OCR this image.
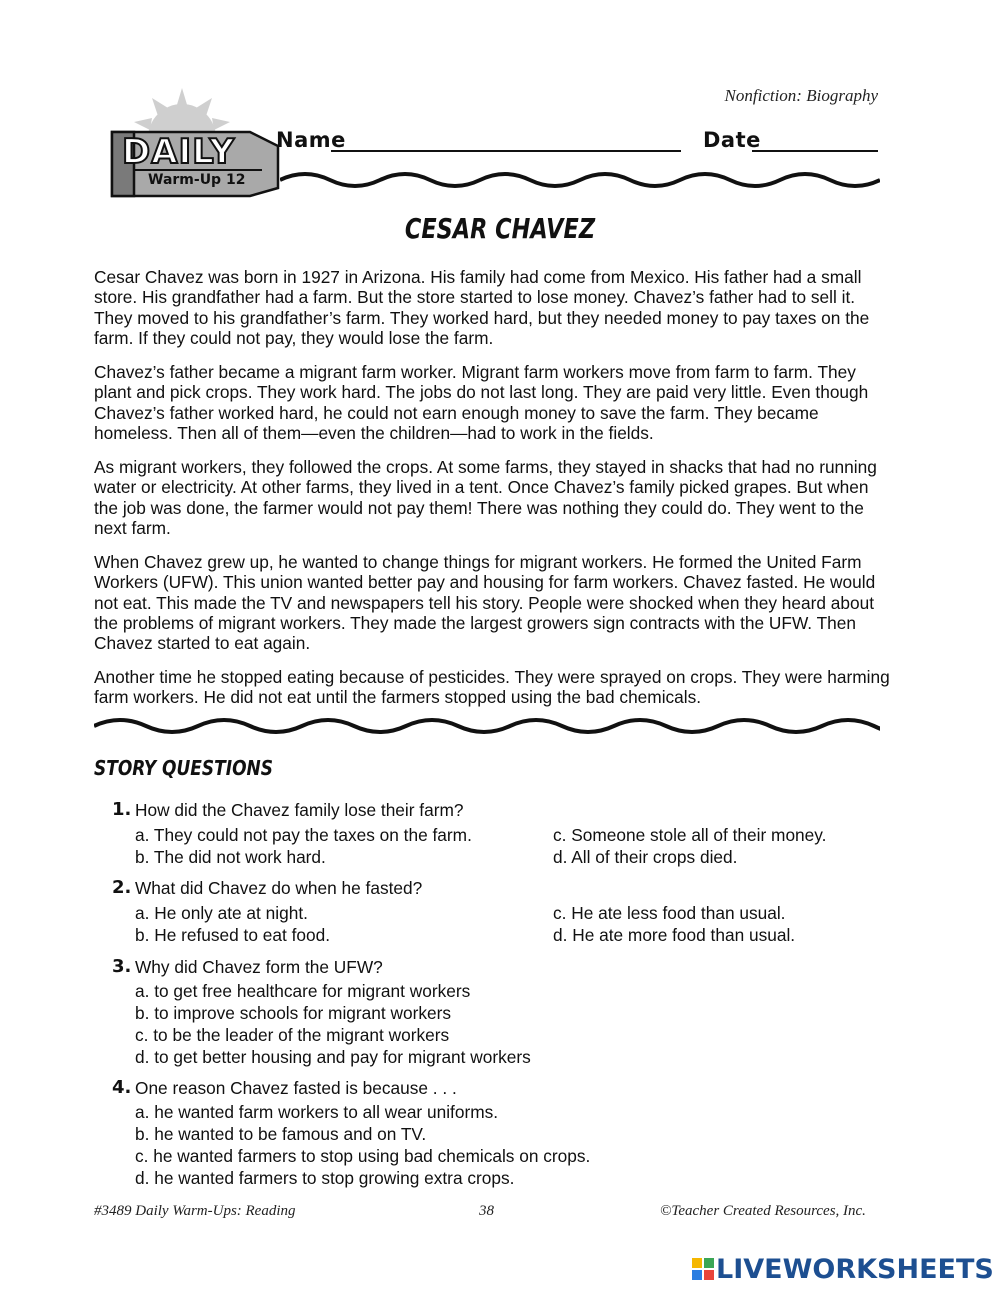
Nonfiction: Biography
DAILY
Warm-Up 12
Name	Date
CESAR CHAVEZ

Cesar Chavez was born in 1927 in Arizona. His family had come from Mexico. His father had a small store. His grandfather had a farm. But the store started to lose money. Chavez’s father had to sell it. They moved to his grandfather’s farm. They worked hard, but they needed money to pay taxes on the farm. If they could not pay, they would lose the farm.

Chavez’s father became a migrant farm worker. Migrant farm workers move from farm to farm. They plant and pick crops. They work hard. The jobs do not last long. They are paid very little. Even though Chavez’s father worked hard, he could not earn enough money to save the farm. They became homeless. Then all of them—even the children—had to work in the fields.

As migrant workers, they followed the crops. At some farms, they stayed in shacks that had no running water or electricity. At other farms, they lived in a tent. Once Chavez’s family picked grapes. But when the job was done, the farmer would not pay them! There was nothing they could do. They went to the next farm.

When Chavez grew up, he wanted to change things for migrant workers. He formed the United Farm Workers (UFW). This union wanted better pay and housing for farm workers. Chavez fasted. He would not eat. This made the TV and newspapers tell his story. People were shocked when they heard about the problems of migrant workers. They made the largest growers sign contracts with the UFW. Then Chavez started to eat again.

Another time he stopped eating because of pesticides. They were sprayed on crops. They were harming farm workers. He did not eat until the farmers stopped using the bad chemicals.

STORY QUESTIONS
1. How did the Chavez family lose their farm?
a. They could not pay the taxes on the farm.
b. The did not work hard.
c. Someone stole all of their money.
d. All of their crops died.
2. What did Chavez do when he fasted?
a. He only ate at night.
b. He refused to eat food.
c. He ate less food than usual.
d. He ate more food than usual.
3. Why did Chavez form the UFW?
a. to get free healthcare for migrant workers
b. to improve schools for migrant workers
c. to be the leader of the migrant workers
d. to get better housing and pay for migrant workers
4. One reason Chavez fasted is because . . .
a. he wanted farm workers to all wear uniforms.
b. he wanted to be famous and on TV.
c. he wanted farmers to stop using bad chemicals on crops.
d. he wanted farmers to stop growing extra crops.
#3489 Daily Warm-Ups: Reading	38	©Teacher Created Resources, Inc.
LIVEWORKSHEETS
